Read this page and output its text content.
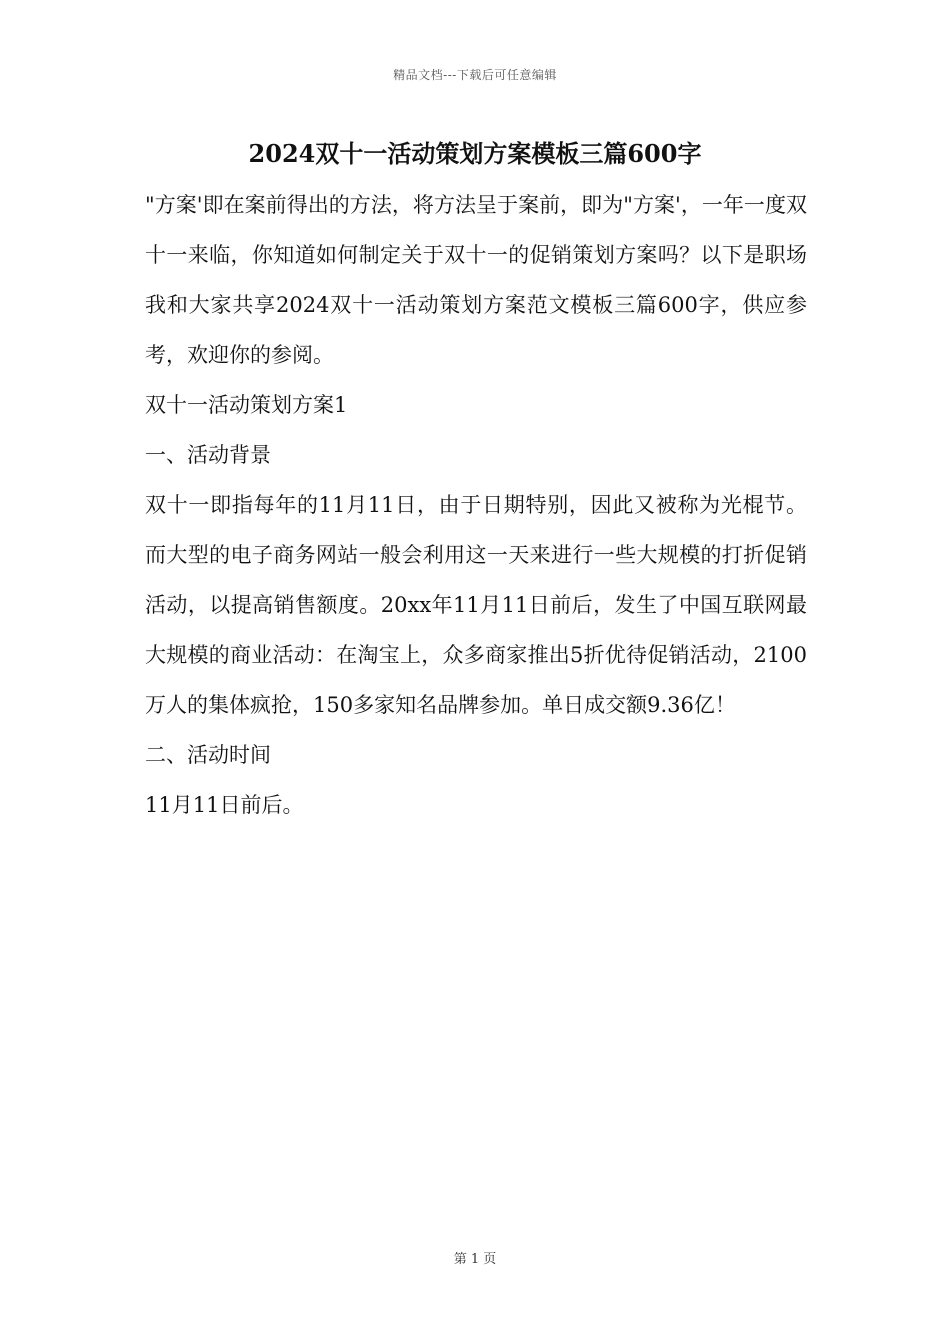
精品文档---下载后可任意编辑
2024双十一活动策划方案模板三篇600字

"方案'即在案前得出的方法，将方法呈于案前，即为"方案'，一年一度双十一来临，你知道如何制定关于双十一的促销策划方案吗？以下是职场我和大家共享2024双十一活动策划方案范文模板三篇600字，供应参考，欢迎你的参阅。

双十一活动策划方案1

一、活动背景

双十一即指每年的11月11日，由于日期特别，因此又被称为光棍节。而大型的电子商务网站一般会利用这一天来进行一些大规模的打折促销活动，以提高销售额度。20xx年11月11日前后，发生了中国互联网最大规模的商业活动：在淘宝上，众多商家推出5折优待促销活动，2100万人的集体疯抢，150多家知名品牌参加。单日成交额9.36亿！

二、活动时间

11月11日前后。

第 1 页
